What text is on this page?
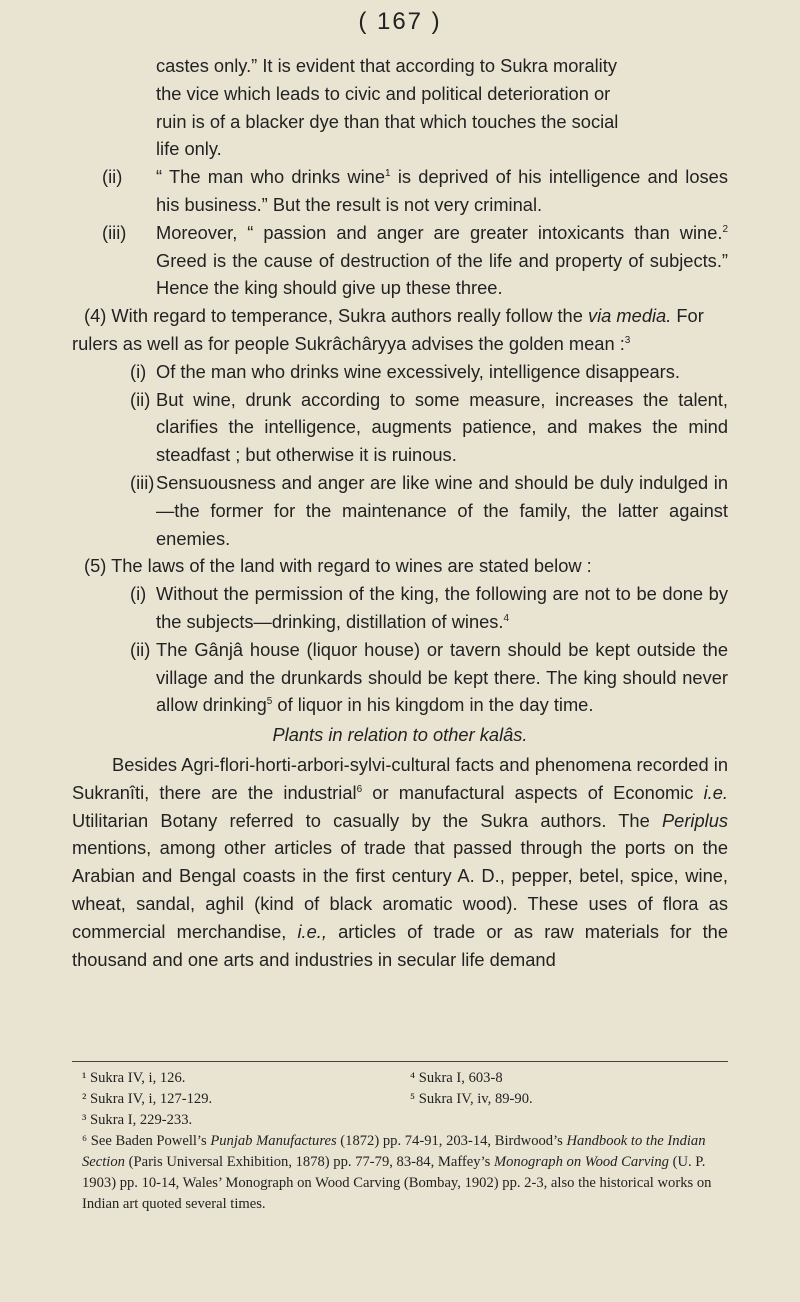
( 167 )

castes only.” It is evident that according to Sukra morality

the vice which leads to civic and political deterioration or

ruin is of a blacker dye than that which touches the social

life only.

(ii) “ The man who drinks wine$^1$ is deprived of his intelligence and loses his business.” But the result is not very criminal.

(iii) Moreover, “ passion and anger are greater intoxicants than wine.$^2$ Greed is the cause of destruction of the life and property of subjects.” Hence the king should give up these three.

(4) With regard to temperance, Sukra authors really follow the via media. For rulers as well as for people Sukrâchâryya advises the golden mean :$^3$

(i) Of the man who drinks wine excessively, intelligence disappears.

(ii) But wine, drunk according to some measure, increases the talent, clarifies the intelligence, augments patience, and makes the mind steadfast ; but otherwise it is ruinous.

(iii) Sensuousness and anger are like wine and should be duly indulged in—the former for the maintenance of the family, the latter against enemies.

(5) The laws of the land with regard to wines are stated below :

(i) Without the permission of the king, the following are not to be done by the subjects—drinking, distillation of wines.$^4$

(ii) The Gânjâ house (liquor house) or tavern should be kept outside the village and the drunkards should be kept there. The king should never allow drinking$^5$ of liquor in his kingdom in the day time.

Plants in relation to other kalâs.

Besides Agri-flori-horti-arbori-sylvi-cultural facts and phenomena recorded in Sukranîti, there are the industrial$^6$ or manufactural aspects of Economic i.e. Utilitarian Botany referred to casually by the Sukra authors. The Periplus mentions, among other articles of trade that passed through the ports on the Arabian and Bengal coasts in the first century A. D., pepper, betel, spice, wine, wheat, sandal, aghil (kind of black aromatic wood). These uses of flora as commercial merchandise, i.e., articles of trade or as raw materials for the thousand and one arts and industries in secular life demand

¹ Sukra IV, i, 126.	⁴ Sukra I, 603-8
² Sukra IV, i, 127-129.	⁵ Sukra IV, iv, 89-90.
³ Sukra I, 229-233.
⁶ See Baden Powell’s Punjab Manufactures (1872) pp. 74-91, 203-14, Birdwood’s Handbook to the Indian Section (Paris Universal Exhibition, 1878) pp. 77-79, 83-84, Maffey’s Monograph on Wood Carving (U. P. 1903) pp. 10-14, Wales’ Monograph on Wood Carving (Bombay, 1902) pp. 2-3, also the historical works on Indian art quoted several times.
